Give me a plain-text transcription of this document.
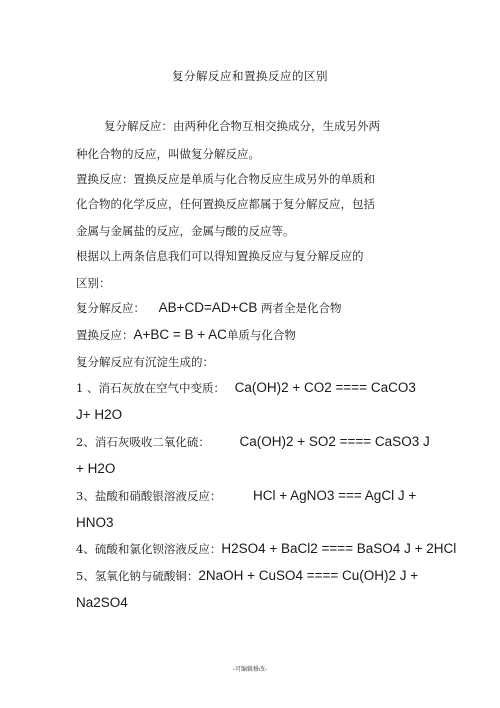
复分解反应和置换反应的区别
复分解反应：由两种化合物互相交换成分，生成另外两
种化合物的反应，叫做复分解反应。
置换反应：置换反应是单质与化合物反应生成另外的单质和
化合物的化学反应，任何置换反应都属于复分解反应，包括
金属与金属盐的反应，金属与酸的反应等。
根据以上两条信息我们可以得知置换反应与复分解反应的
区别：
复分解反应： AB+CD=AD+CB 两者全是化合物
置换反应：A+BC = B + AC单质与化合物
复分解反应有沉淀生成的：
1 、消石灰放在空气中变质： Ca(OH)2 + CO2 ==== CaCO3
J+ H2O
2、消石灰吸收二氧化硫： Ca(OH)2 + SO2 ==== CaSO3 J
+ H2O
3、盐酸和硝酸银溶液反应： HCl + AgNO3 === AgCl J +
HNO3
4、硫酸和氯化钡溶液反应：H2SO4 + BaCl2 ==== BaSO4 J + 2HCl
5、氢氧化钠与硫酸铜：2NaOH + CuSO4 ==== Cu(OH)2 J +
Na2SO4
-可编辑修改-
